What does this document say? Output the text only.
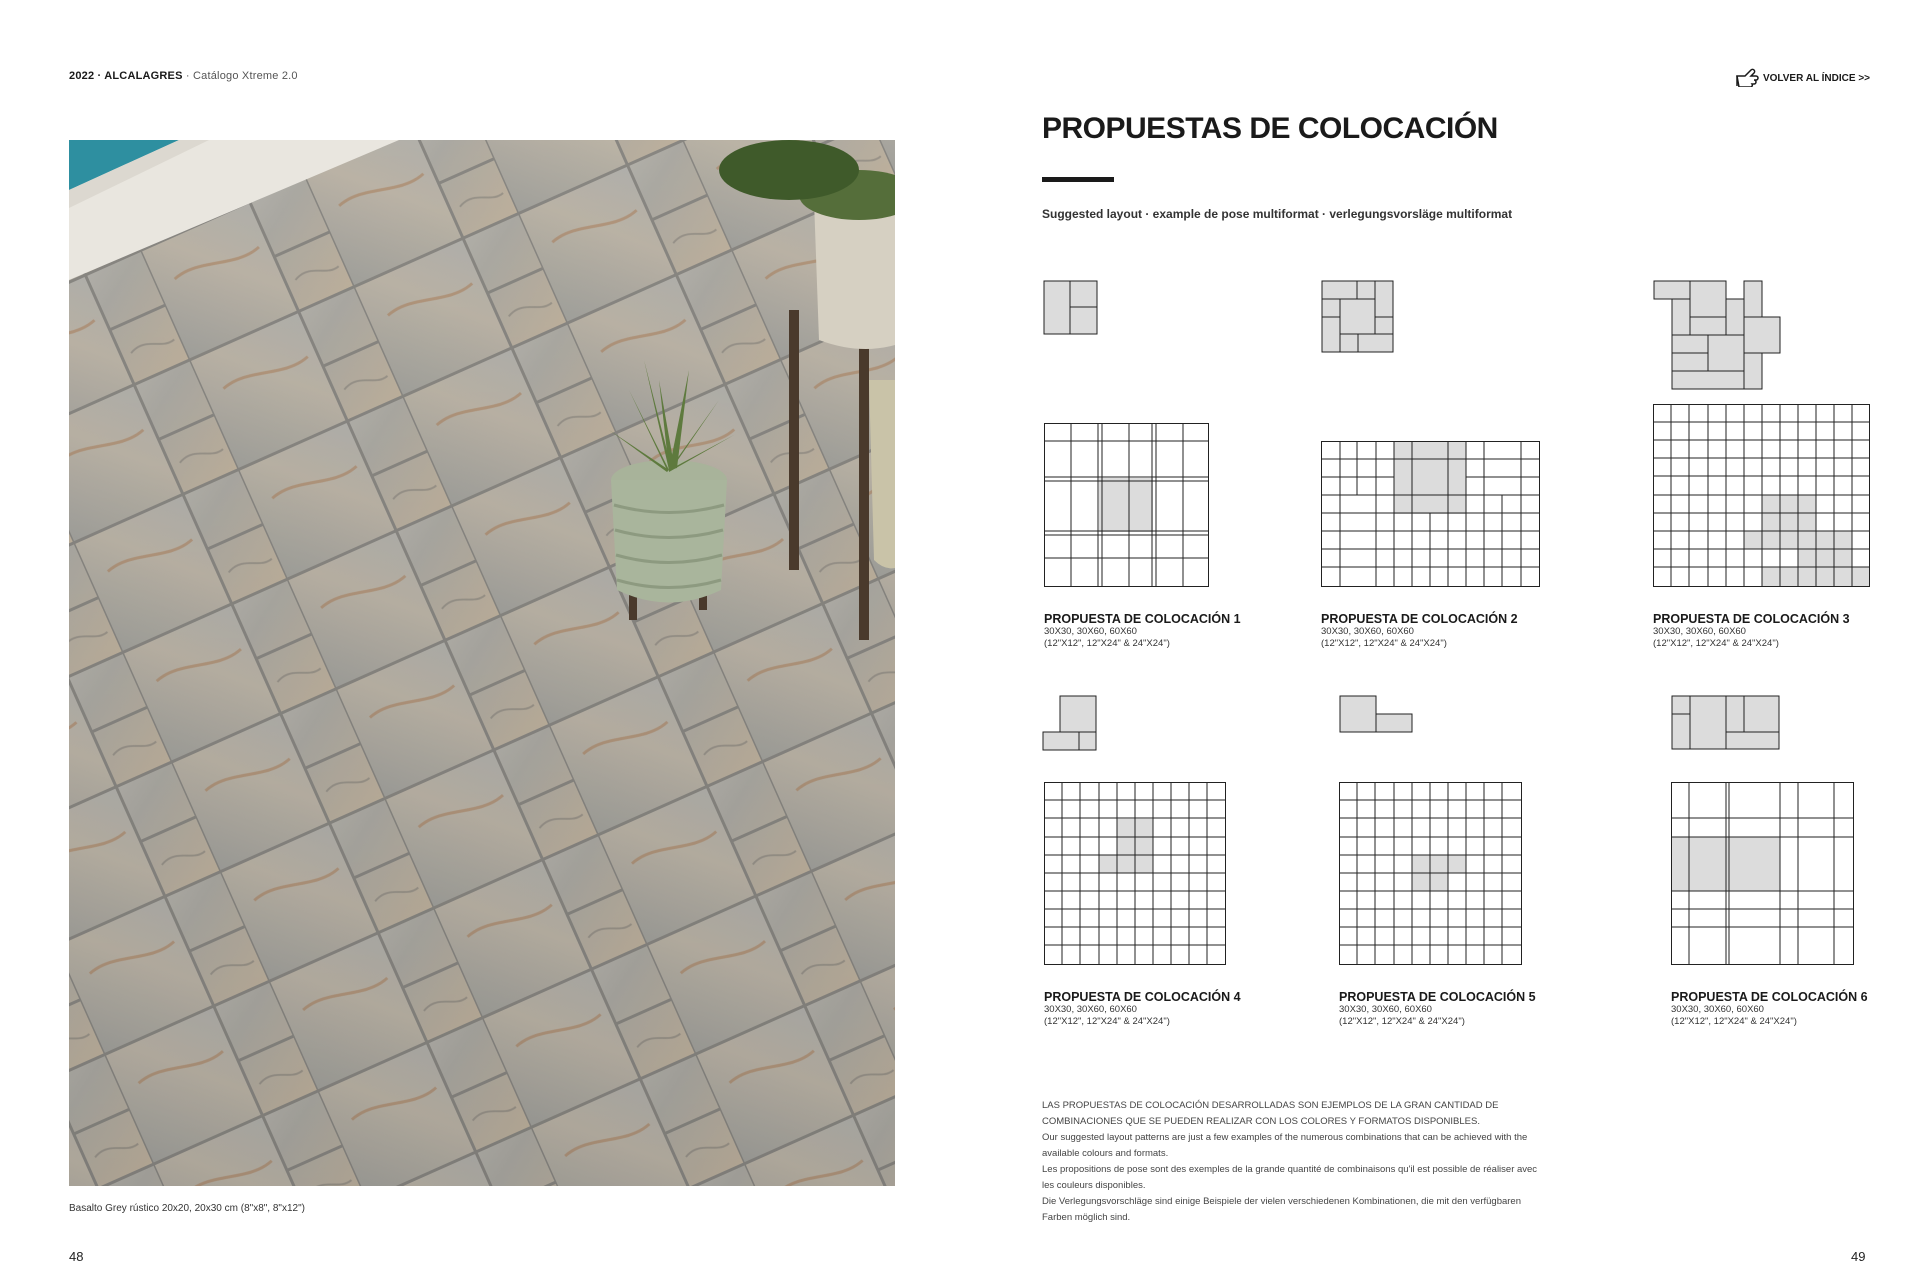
2022 · ALCALAGRES · Catálogo Xtreme 2.0	VOLVER AL ÍNDICE >>
Basalto Grey rústico 20x20, 20x30 cm (8"x8", 8"x12")
48
PROPUESTAS DE COLOCACIÓN
Suggested layout · example de pose multiformat · verlegungsvorsläge multiformat
PROPUESTA DE COLOCACIÓN 1
30X30, 30X60, 60X60
(12"X12", 12"X24" & 24"X24")
PROPUESTA DE COLOCACIÓN 2
30X30, 30X60, 60X60
(12"X12", 12"X24" & 24"X24")
PROPUESTA DE COLOCACIÓN 3
30X30, 30X60, 60X60
(12"X12", 12"X24" & 24"X24")
PROPUESTA DE COLOCACIÓN 4
30X30, 30X60, 60X60
(12"X12", 12"X24" & 24"X24")
PROPUESTA DE COLOCACIÓN 5
30X30, 30X60, 60X60
(12"X12", 12"X24" & 24"X24")
PROPUESTA DE COLOCACIÓN 6
30X30, 30X60, 60X60
(12"X12", 12"X24" & 24"X24")

LAS PROPUESTAS DE COLOCACIÓN DESARROLLADAS SON EJEMPLOS DE LA GRAN CANTIDAD DE COMBINACIONES QUE SE PUEDEN REALIZAR CON LOS COLORES Y FORMATOS DISPONIBLES.

Our suggested layout patterns are just a few examples of the numerous combinations that can be achieved with the available colours and formats.

Les propositions de pose sont des exemples de la grande quantité de combinaisons qu'il est possible de réaliser avec les couleurs disponibles.

Die Verlegungsvorschläge sind einige Beispiele der vielen verschiedenen Kombinationen, die mit den verfügbaren Farben möglich sind.

49
